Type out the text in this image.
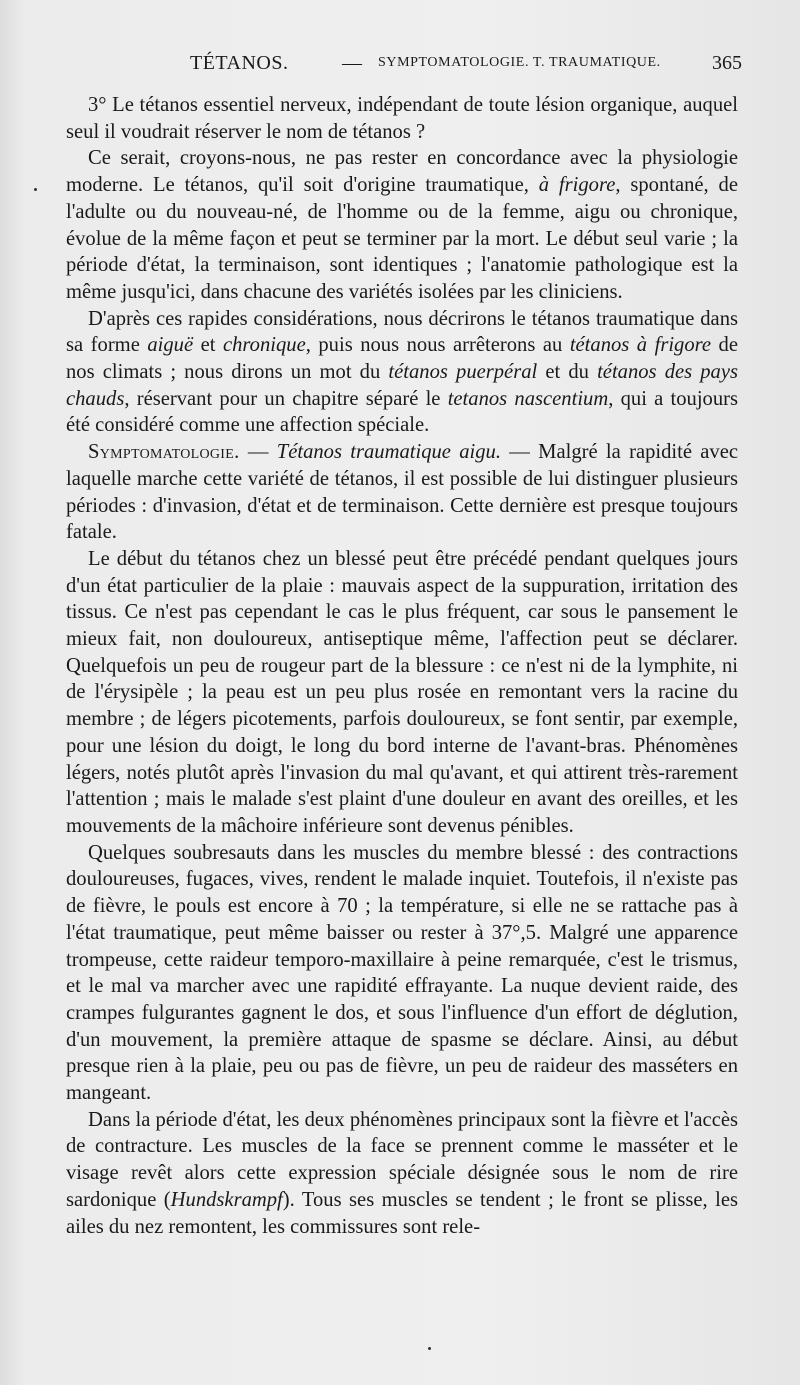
TÉTANOS.	— SYMPTOMATOLOGIE. T. TRAUMATIQUE.	365

3° Le tétanos essentiel nerveux, indépendant de toute lésion organique, auquel seul il voudrait réserver le nom de tétanos ?

Ce serait, croyons-nous, ne pas rester en concordance avec la physiologie moderne. Le tétanos, qu'il soit d'origine traumatique, à frigore, spontané, de l'adulte ou du nouveau-né, de l'homme ou de la femme, aigu ou chronique, évolue de la même façon et peut se terminer par la mort. Le début seul varie ; la période d'état, la terminaison, sont identiques ; l'anatomie pathologique est la même jusqu'ici, dans chacune des variétés isolées par les cliniciens.

D'après ces rapides considérations, nous décrirons le tétanos traumatique dans sa forme aiguë et chronique, puis nous nous arrêterons au tétanos à frigore de nos climats ; nous dirons un mot du tétanos puerpéral et du tétanos des pays chauds, réservant pour un chapitre séparé le tetanos nascentium, qui a toujours été considéré comme une affection spéciale.

Symptomatologie. — Tétanos traumatique aigu. — Malgré la rapidité avec laquelle marche cette variété de tétanos, il est possible de lui distinguer plusieurs périodes : d'invasion, d'état et de terminaison. Cette dernière est presque toujours fatale.

Le début du tétanos chez un blessé peut être précédé pendant quelques jours d'un état particulier de la plaie : mauvais aspect de la suppuration, irritation des tissus. Ce n'est pas cependant le cas le plus fréquent, car sous le pansement le mieux fait, non douloureux, antiseptique même, l'affection peut se déclarer. Quelquefois un peu de rougeur part de la blessure : ce n'est ni de la lymphite, ni de l'érysipèle ; la peau est un peu plus rosée en remontant vers la racine du membre ; de légers picotements, parfois douloureux, se font sentir, par exemple, pour une lésion du doigt, le long du bord interne de l'avant-bras. Phénomènes légers, notés plutôt après l'invasion du mal qu'avant, et qui attirent très-rarement l'attention ; mais le malade s'est plaint d'une douleur en avant des oreilles, et les mouvements de la mâchoire inférieure sont devenus pénibles.

Quelques soubresauts dans les muscles du membre blessé : des contractions douloureuses, fugaces, vives, rendent le malade inquiet. Toutefois, il n'existe pas de fièvre, le pouls est encore à 70 ; la température, si elle ne se rattache pas à l'état traumatique, peut même baisser ou rester à 37°,5. Malgré une apparence trompeuse, cette raideur temporo-maxillaire à peine remarquée, c'est le trismus, et le mal va marcher avec une rapidité effrayante. La nuque devient raide, des crampes fulgurantes gagnent le dos, et sous l'influence d'un effort de déglution, d'un mouvement, la première attaque de spasme se déclare. Ainsi, au début presque rien à la plaie, peu ou pas de fièvre, un peu de raideur des masséters en mangeant.

Dans la période d'état, les deux phénomènes principaux sont la fièvre et l'accès de contracture. Les muscles de la face se prennent comme le masséter et le visage revêt alors cette expression spéciale désignée sous le nom de rire sardonique (Hundskrampf). Tous ses muscles se tendent ; le front se plisse, les ailes du nez remontent, les commissures sont rele-
